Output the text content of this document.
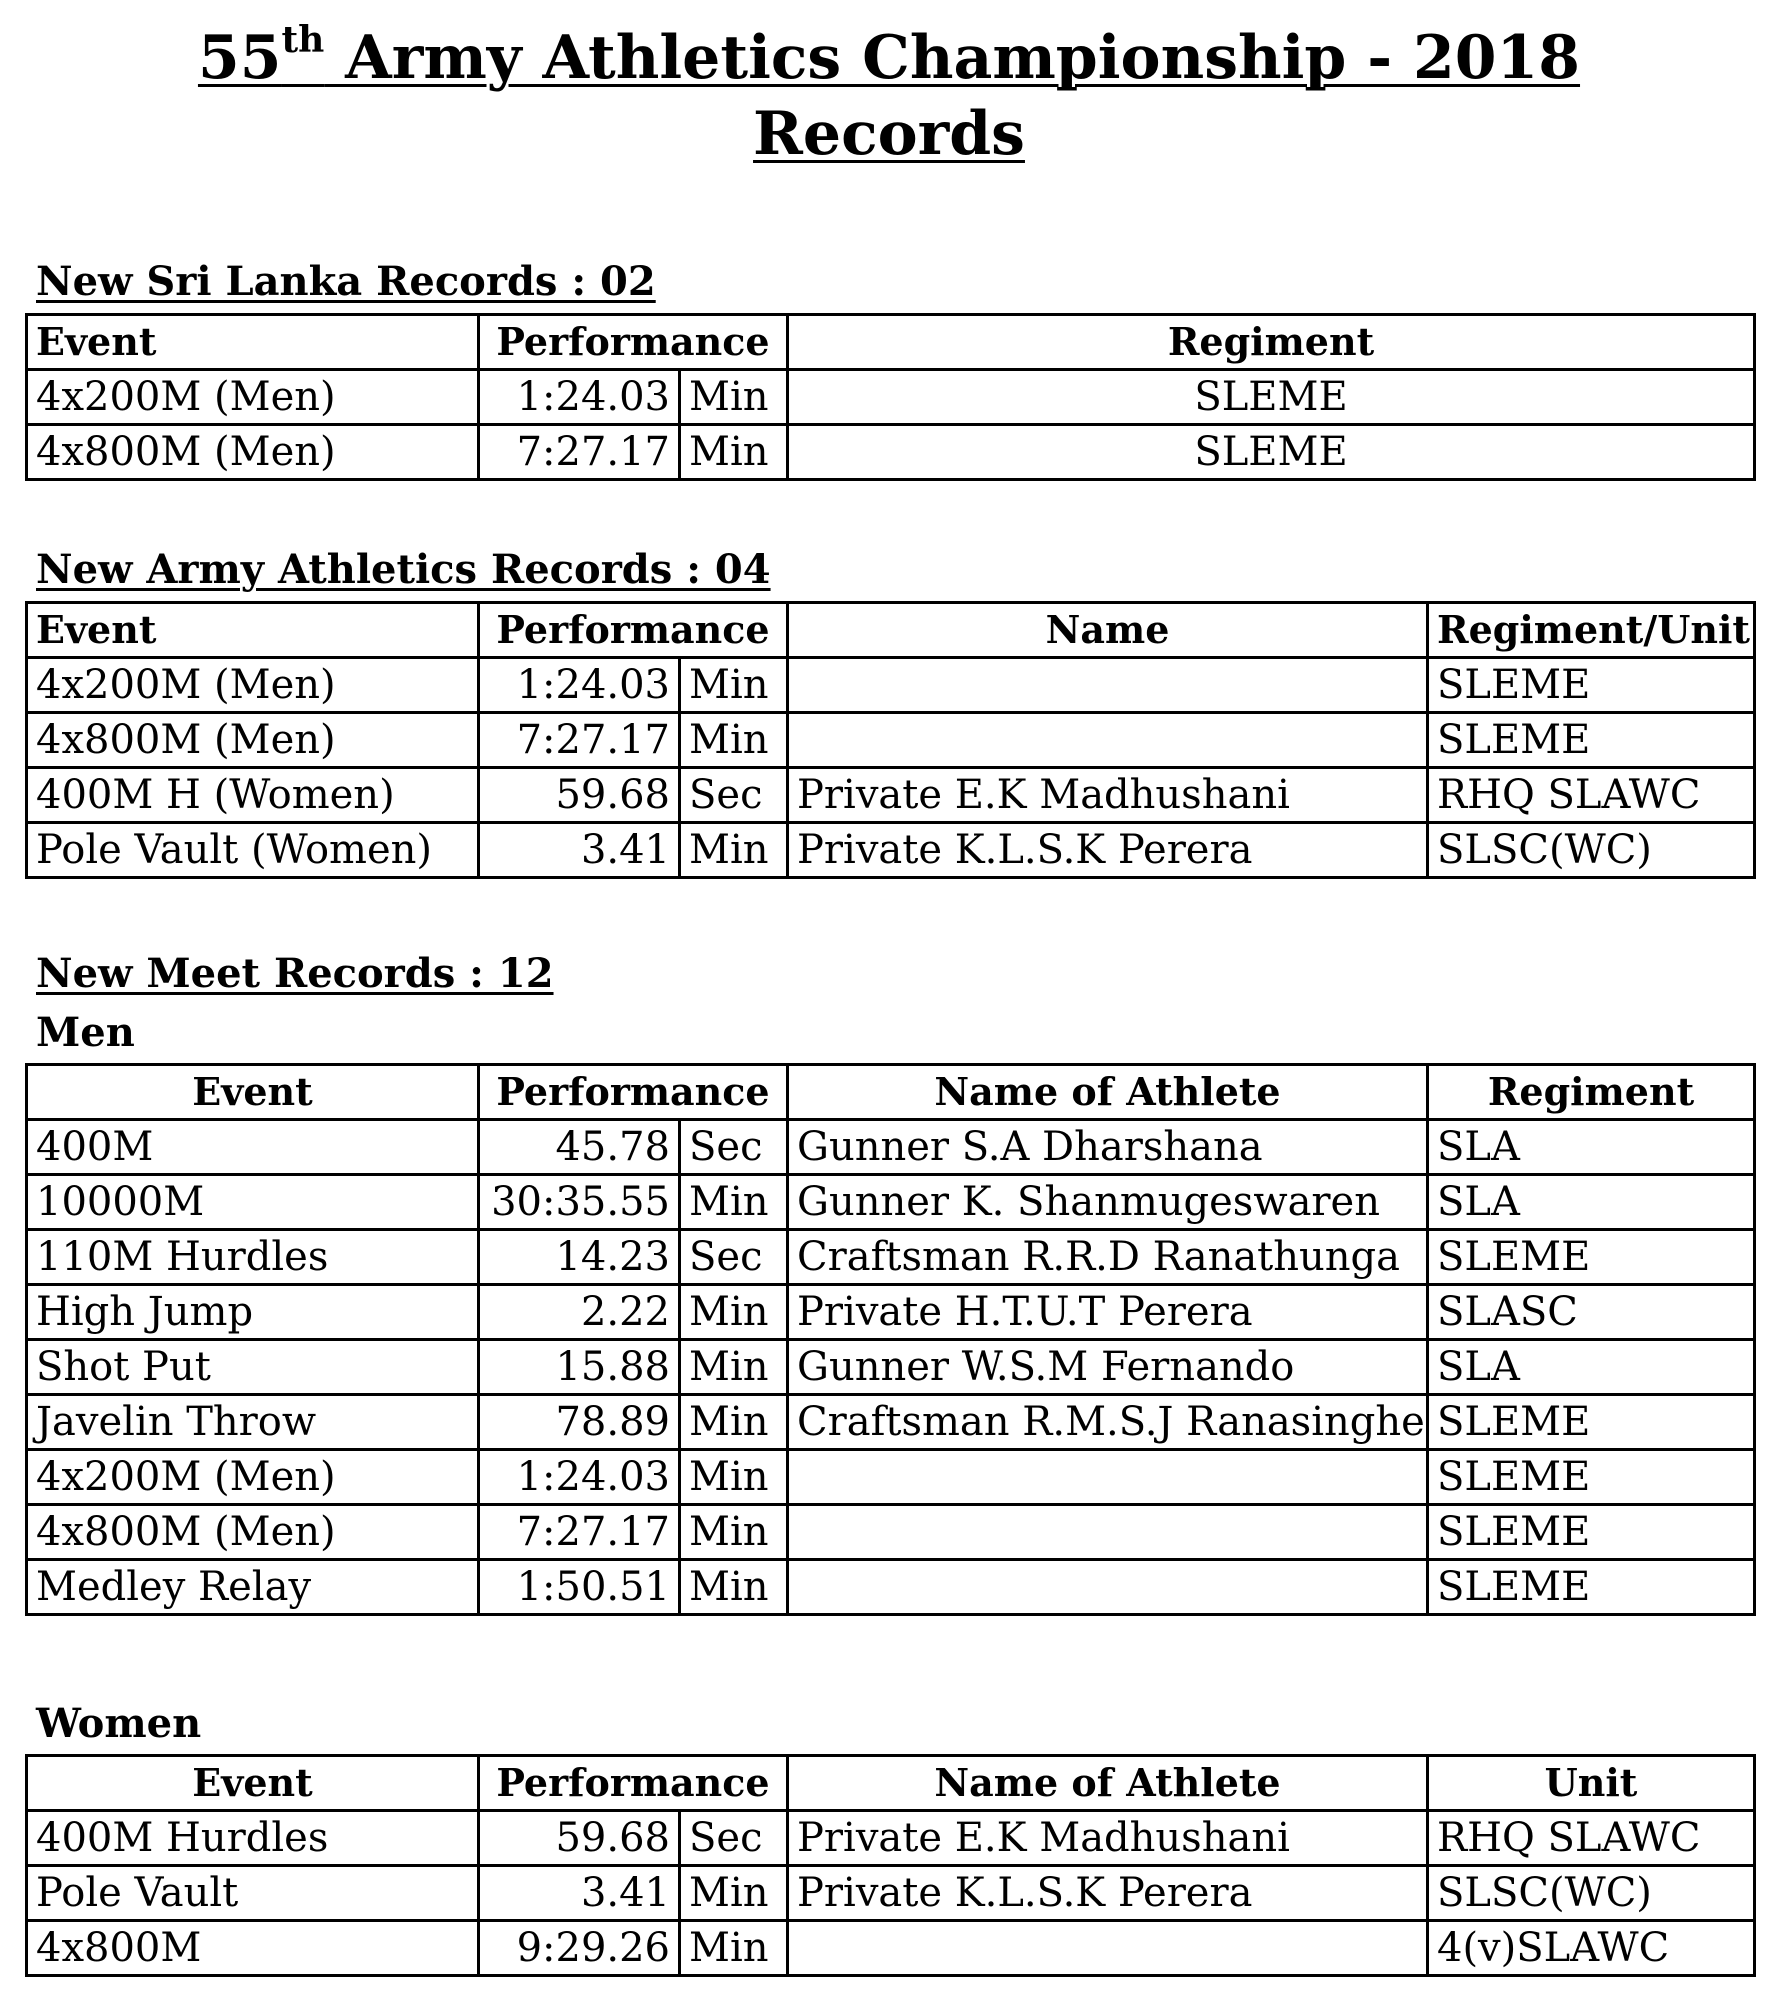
55th Army Athletics Championship - 2018
Records
New Sri Lanka Records : 02
Event	Performance		Regiment
4x200M (Men)	1:24.03	Min	SLEME
4x800M (Men)	7:27.17	Min	SLEME
New Army Athletics Records : 04
Event	Performance		Name	Regiment/Unit
4x200M (Men)	1:24.03	Min		SLEME
4x800M (Men)	7:27.17	Min		SLEME
400M H (Women)	59.68	Sec	Private E.K Madhushani	RHQ SLAWC
Pole Vault (Women)	3.41	Min	Private K.L.S.K Perera	SLSC(WC)
New Meet Records : 12
Men
Event	Performance		Name of Athlete	Regiment
400M	45.78	Sec	Gunner S.A Dharshana	SLA
10000M	30:35.55	Min	Gunner K. Shanmugeswaren	SLA
110M Hurdles	14.23	Sec	Craftsman R.R.D Ranathunga	SLEME
High Jump	2.22	Min	Private H.T.U.T Perera	SLASC
Shot Put	15.88	Min	Gunner W.S.M Fernando	SLA
Javelin Throw	78.89	Min	Craftsman R.M.S.J Ranasinghe	SLEME
4x200M (Men)	1:24.03	Min		SLEME
4x800M (Men)	7:27.17	Min		SLEME
Medley Relay	1:50.51	Min		SLEME
Women
Event	Performance		Name of Athlete	Unit
400M Hurdles	59.68	Sec	Private E.K Madhushani	RHQ SLAWC
Pole Vault	3.41	Min	Private K.L.S.K Perera	SLSC(WC)
4x800M	9:29.26	Min		4(v)SLAWC
